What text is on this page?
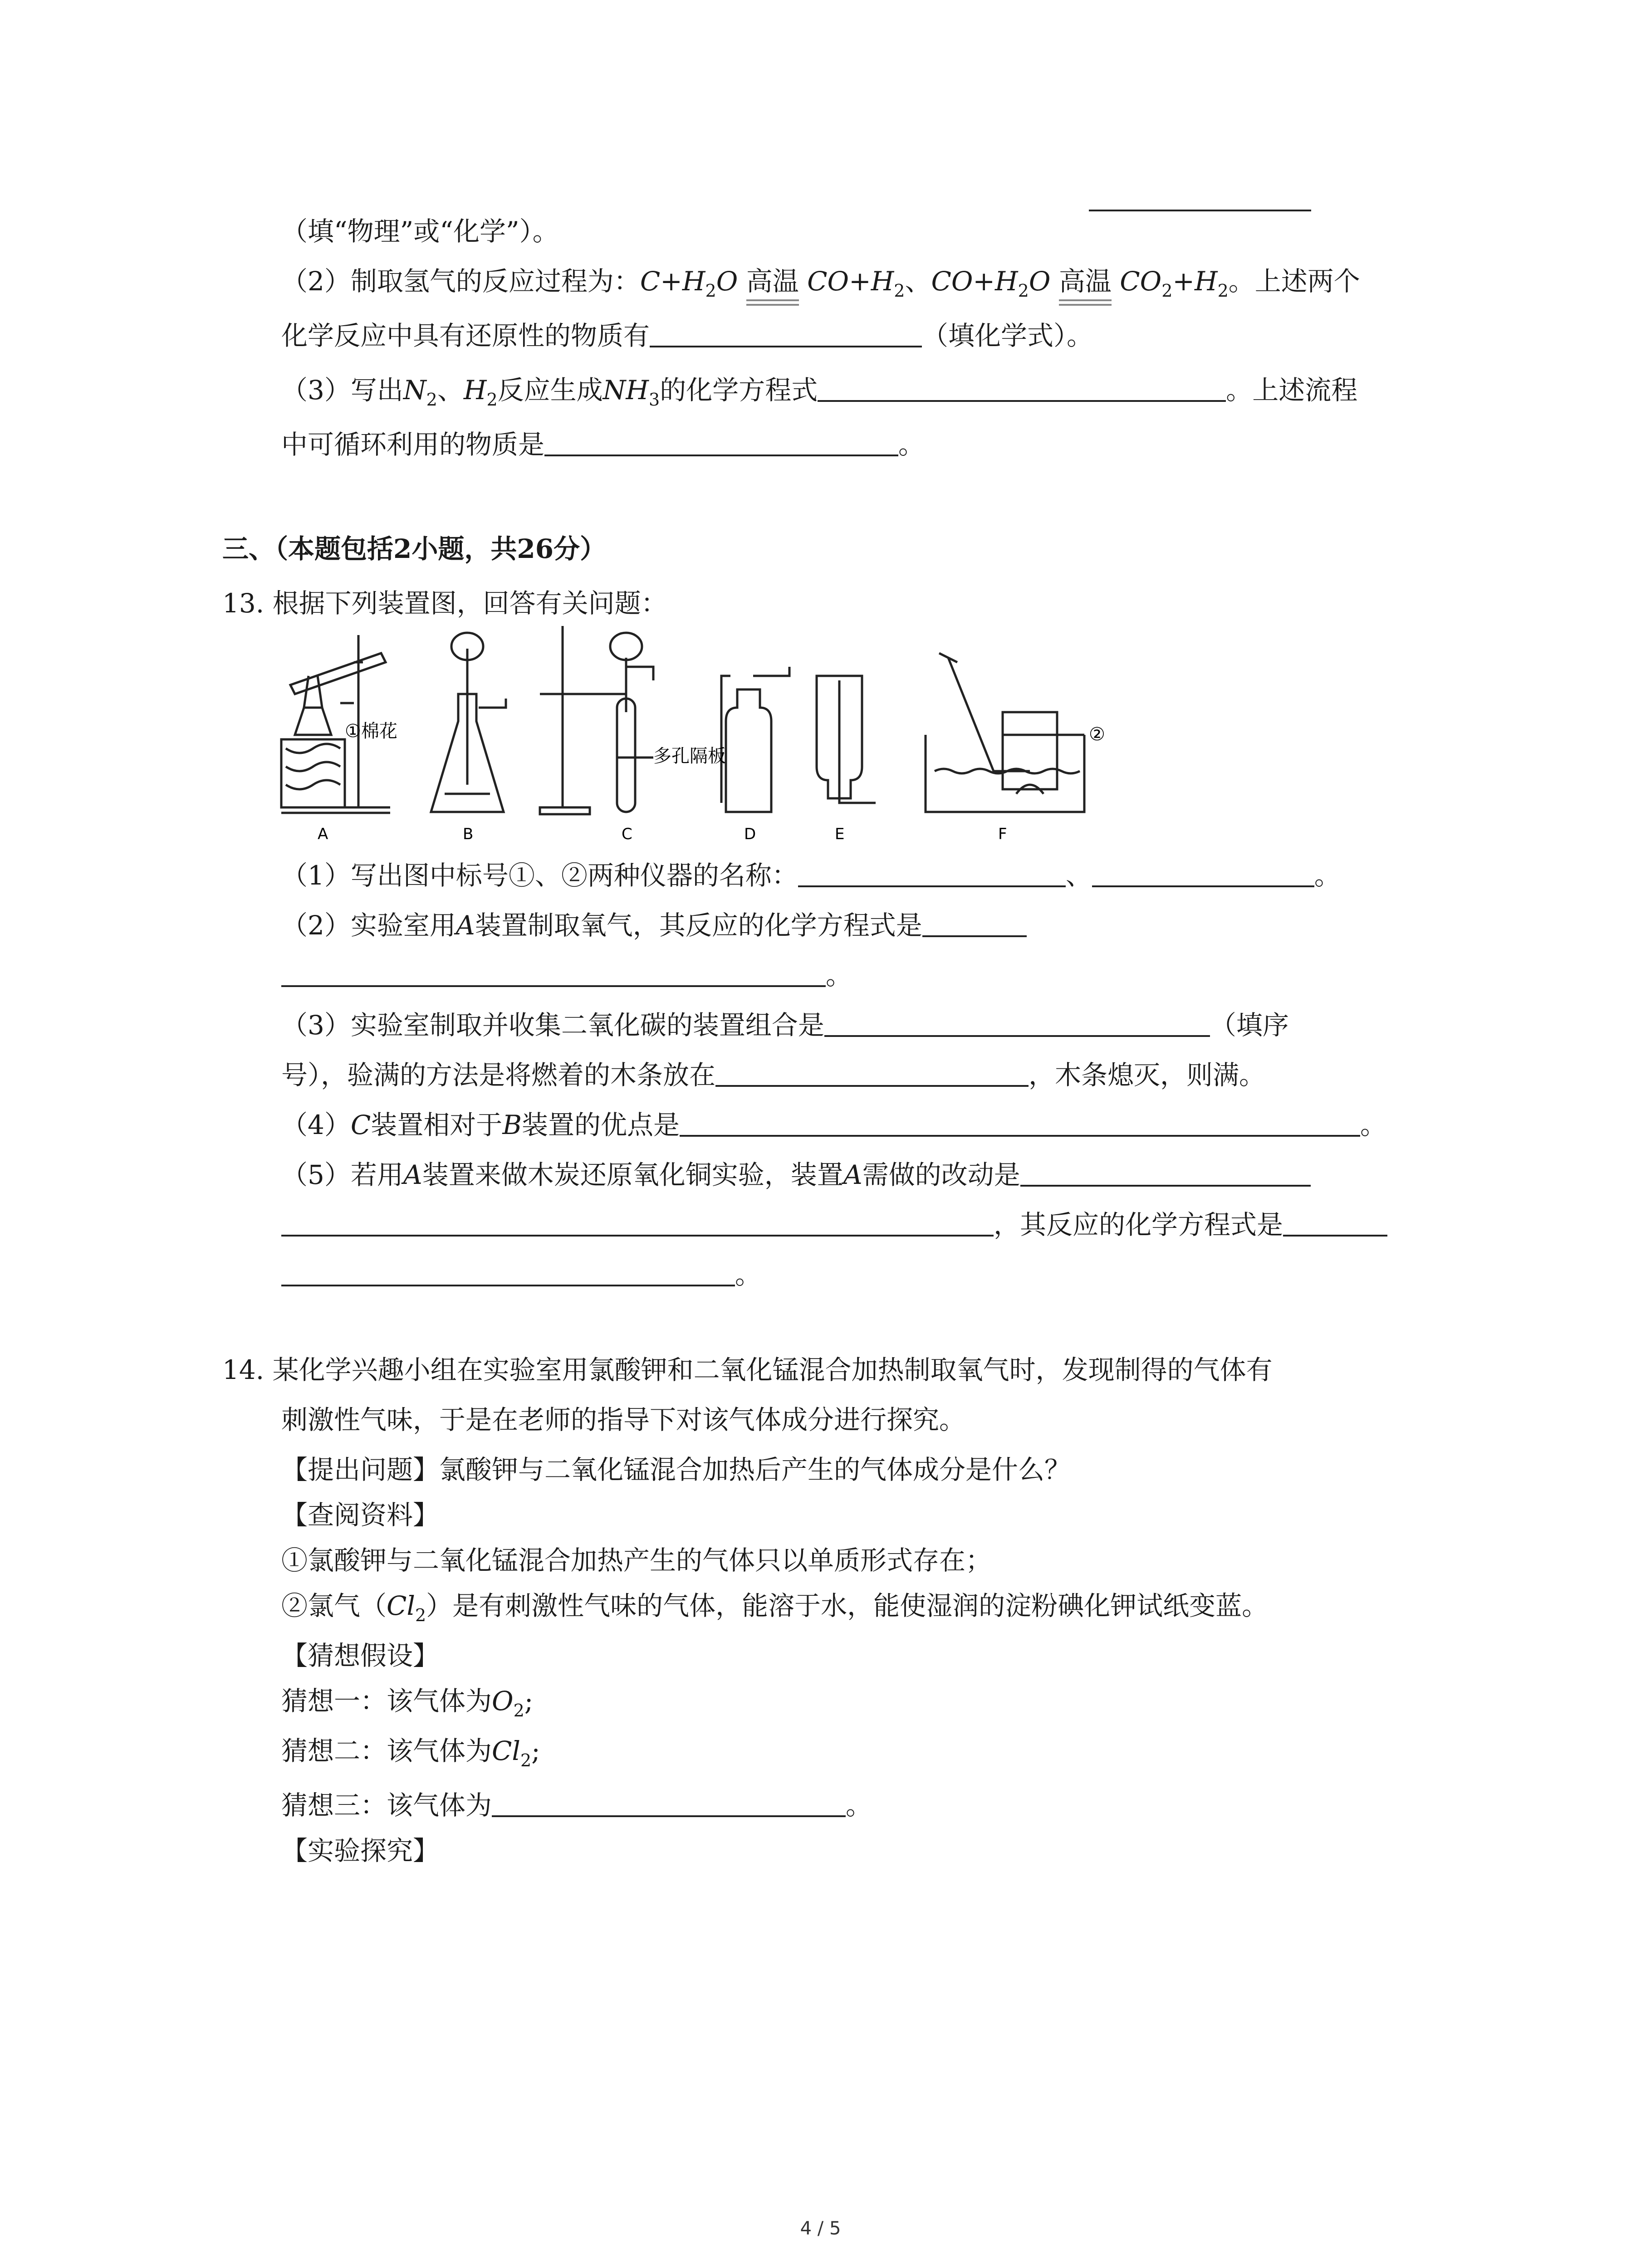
（填“物理”或“化学”）。
（2）制取氢气的反应过程为：$C+H_2O$ 高温 $CO+H_2$、$CO+H_2O$ 高温 $CO_2+H_2$。上述两个
化学反应中具有还原性的物质有	（填化学式）。
（3）写出$N_2$、$H_2$反应生成$NH_3$的化学方程式	。上述流程
中可循环利用的物质是	。
三、（本题包括2小题，共26分）
13. 根据下列装置图，回答有关问题：
①棉花
多孔隔板
②
A	B	C	D	E	F
（1）写出图中标号①、②两种仪器的名称：	、	。
（2）实验室用A装置制取氧气，其反应的化学方程式是
。
（3）实验室制取并收集二氧化碳的装置组合是	（填序
号），验满的方法是将燃着的木条放在	，木条熄灭，则满。
（4）C装置相对于B装置的优点是	。
（5）若用A装置来做木炭还原氧化铜实验，装置A需做的改动是
，其反应的化学方程式是
。
14. 某化学兴趣小组在实验室用氯酸钾和二氧化锰混合加热制取氧气时，发现制得的气体有
刺激性气味，于是在老师的指导下对该气体成分进行探究。
【提出问题】氯酸钾与二氧化锰混合加热后产生的气体成分是什么？
【查阅资料】
①氯酸钾与二氧化锰混合加热产生的气体只以单质形式存在；
②氯气$(Cl_2)$是有刺激性气味的气体，能溶于水，能使湿润的淀粉碘化钾试纸变蓝。
【猜想假设】
猜想一：该气体为$O_2$;
猜想二：该气体为$Cl_2$;
猜想三：该气体为	。
【实验探究】
4 / 5
